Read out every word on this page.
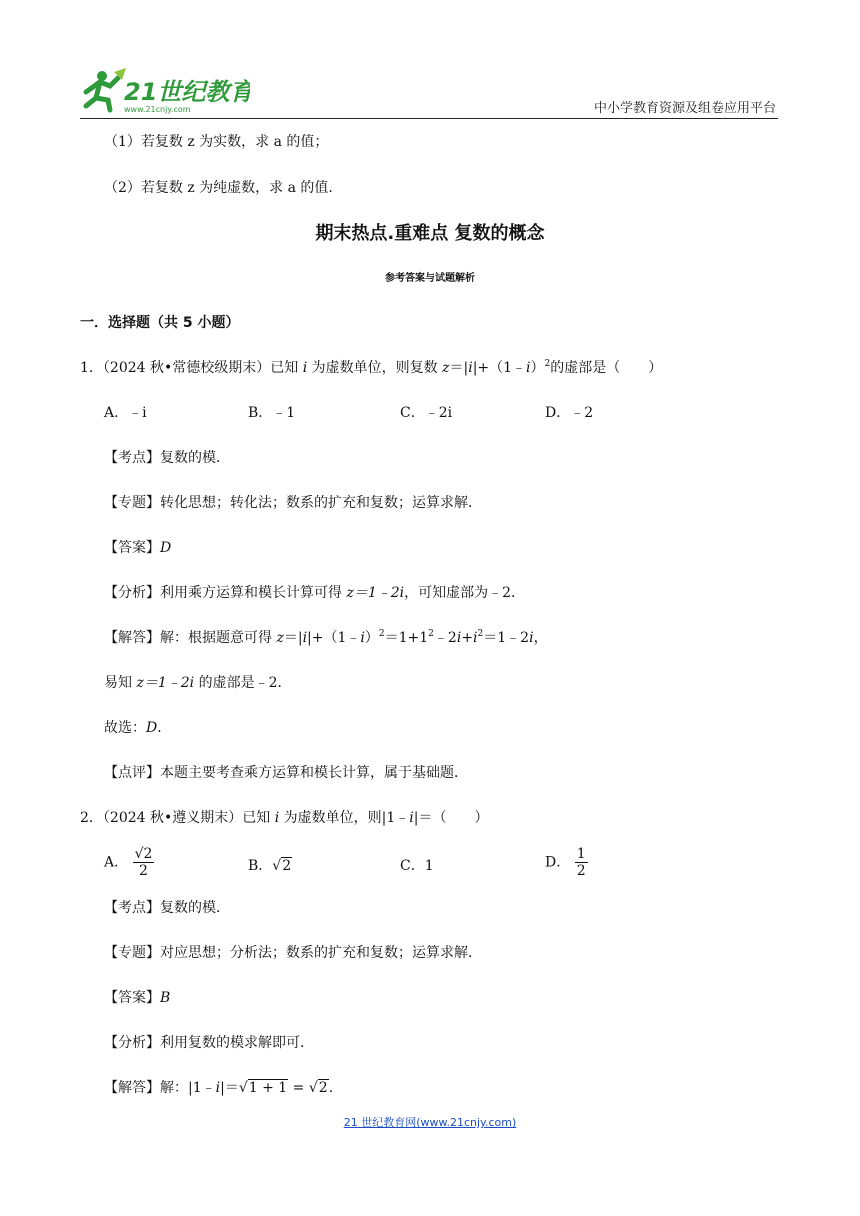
21世纪教育
www.21cnjy.com	中小学教育资源及组卷应用平台
（1）若复数 z 为实数，求 a 的值；
（2）若复数 z 为纯虚数，求 a 的值.
期末热点.重难点 复数的概念
参考答案与试题解析
一．选择题（共 5 小题）
1．（2024 秋•常德校级期末）已知 i 为虚数单位，则复数 z＝|i|+（1﹣i）$^2$的虚部是（　　）
A．﹣i	B．﹣1	C．﹣2i	D．﹣2
【考点】复数的模．
【专题】转化思想；转化法；数系的扩充和复数；运算求解．
【答案】D
【分析】利用乘方运算和模长计算可得 z＝1﹣2i，可知虚部为﹣2．
【解答】解：根据题意可得 $z=|i|+(1﹣i)^2=1+1^2﹣2i+i^2=1﹣2i$，
易知 z＝1﹣2i 的虚部是﹣2．
故选：D．
【点评】本题主要考查乘方运算和模长计算，属于基础题．
2．（2024 秋•遵义期末）已知 i 为虚数单位，则|1﹣i|＝（　　）
A． $\frac{√2}{2}$	B．√2	C．1	D． $\frac{1}{2}$
【考点】复数的模．
【专题】对应思想；分析法；数系的扩充和复数；运算求解．
【答案】B
【分析】利用复数的模求解即可．
【解答】解：|1﹣i|＝√1 + 1 = √2.
21 世纪教育网(www.21cnjy.com)
